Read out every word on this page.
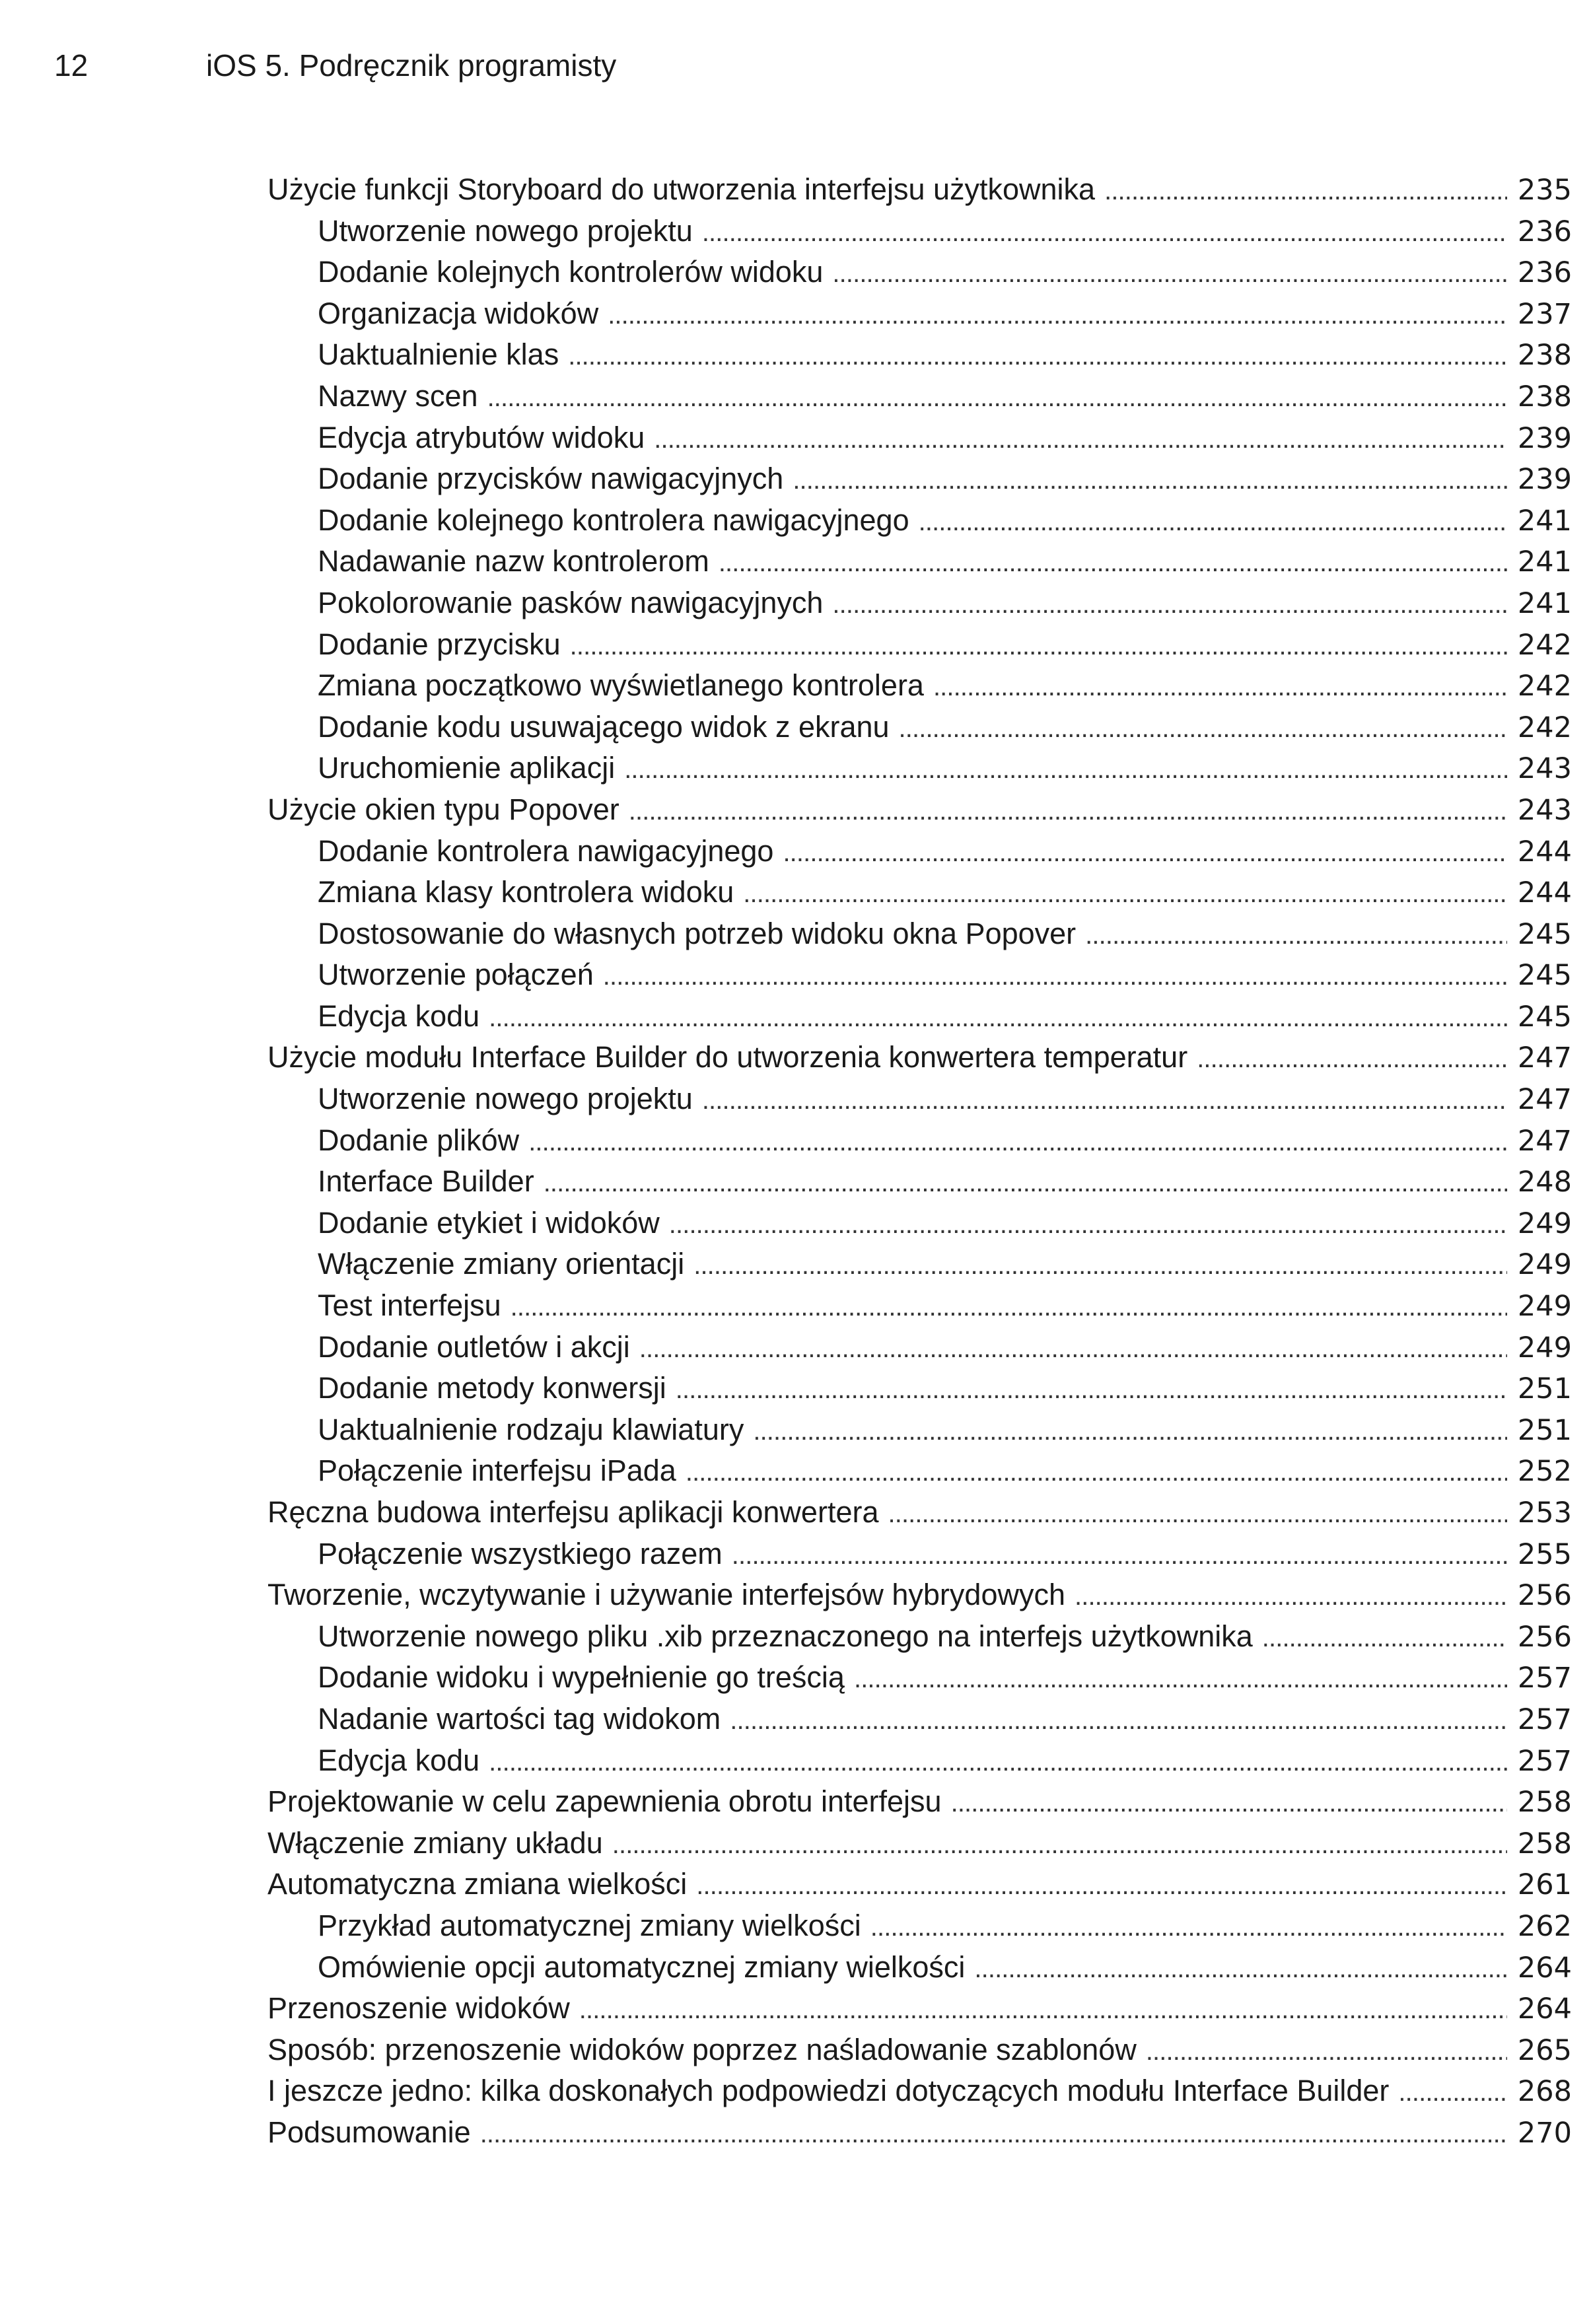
12	iOS 5. Podręcznik programisty
Użycie funkcji Storyboard do utworzenia interfejsu użytkownika . . .	235
Utworzenie nowego projektu . . .	236
Dodanie kolejnych kontrolerów widoku . . .	236
Organizacja widoków . . .	237
Uaktualnienie klas . . .	238
Nazwy scen . . .	238
Edycja atrybutów widoku . . .	239
Dodanie przycisków nawigacyjnych . . .	239
Dodanie kolejnego kontrolera nawigacyjnego . . .	241
Nadawanie nazw kontrolerom . . .	241
Pokolorowanie pasków nawigacyjnych . . .	241
Dodanie przycisku . . .	242
Zmiana początkowo wyświetlanego kontrolera . . .	242
Dodanie kodu usuwającego widok z ekranu . . .	242
Uruchomienie aplikacji . . .	243
Użycie okien typu Popover . . .	243
Dodanie kontrolera nawigacyjnego . . .	244
Zmiana klasy kontrolera widoku . . .	244
Dostosowanie do własnych potrzeb widoku okna Popover . . .	245
Utworzenie połączeń . . .	245
Edycja kodu . . .	245
Użycie modułu Interface Builder do utworzenia konwertera temperatur . . .	247
Utworzenie nowego projektu . . .	247
Dodanie plików . . .	247
Interface Builder . . .	248
Dodanie etykiet i widoków . . .	249
Włączenie zmiany orientacji . . .	249
Test interfejsu . . .	249
Dodanie outletów i akcji . . .	249
Dodanie metody konwersji . . .	251
Uaktualnienie rodzaju klawiatury . . .	251
Połączenie interfejsu iPada . . .	252
Ręczna budowa interfejsu aplikacji konwertera . . .	253
Połączenie wszystkiego razem . . .	255
Tworzenie, wczytywanie i używanie interfejsów hybrydowych . . .	256
Utworzenie nowego pliku .xib przeznaczonego na interfejs użytkownika . . .	256
Dodanie widoku i wypełnienie go treścią . . .	257
Nadanie wartości tag widokom . . .	257
Edycja kodu . . .	257
Projektowanie w celu zapewnienia obrotu interfejsu . . .	258
Włączenie zmiany układu . . .	258
Automatyczna zmiana wielkości . . .	261
Przykład automatycznej zmiany wielkości . . .	262
Omówienie opcji automatycznej zmiany wielkości . . .	264
Przenoszenie widoków . . .	264
Sposób: przenoszenie widoków poprzez naśladowanie szablonów . . .	265
I jeszcze jedno: kilka doskonałych podpowiedzi dotyczących modułu Interface Builder . . .	268
Podsumowanie . . .	270
